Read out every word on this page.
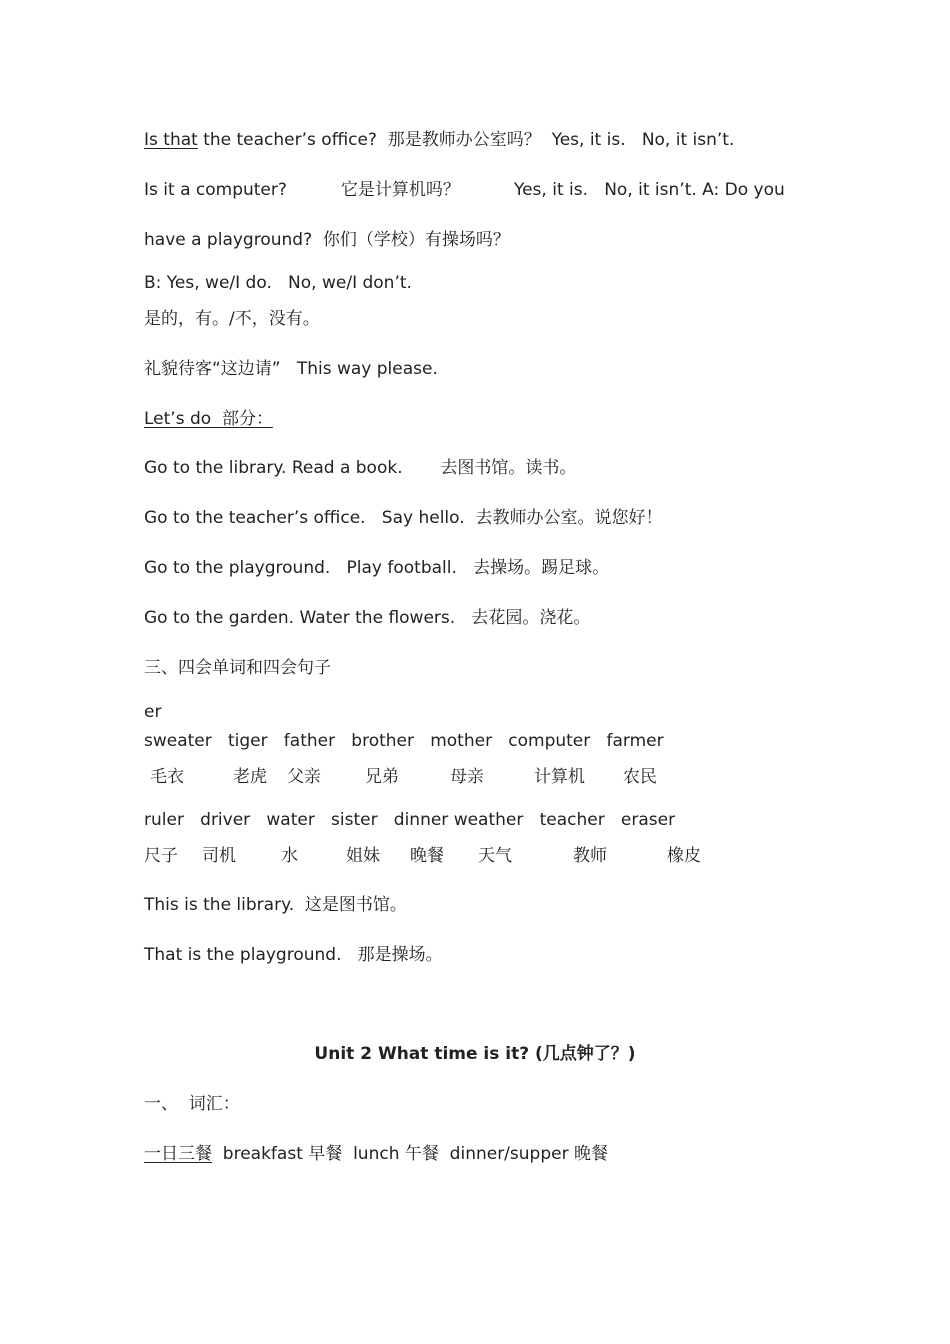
Is that the teacher’s office?  那是教师办公室吗？  Yes, it is.   No, it isn’t.
Is it a computer?          它是计算机吗？          Yes, it is.   No, it isn’t. A: Do you
have a playground?  你们（学校）有操场吗？
B: Yes, we/I do.   No, we/I don’t.
是的，有。/不，没有。
礼貌待客“这边请”   This way please.
Let’s do  部分：
Go to the library. Read a book.       去图书馆。读书。
Go to the teacher’s office.   Say hello.  去教师办公室。说您好！
Go to the playground.   Play football.   去操场。踢足球。
Go to the garden. Water the flowers.   去花园。浇花。
三、四会单词和四会句子
er
sweater   tiger   father   brother   mother   computer   farmer
毛衣	老虎 父亲	兄弟	母亲	计算机 农民
ruler   driver   water   sister   dinner weather   teacher   eraser
尺子 司机	水	姐妹 晚餐 天气	教师	橡皮
This is the library.  这是图书馆。
That is the playground.   那是操场。
Unit 2 What time is it? (几点钟了？)
一、  词汇：
一日三餐  breakfast 早餐  lunch 午餐  dinner/supper 晚餐
